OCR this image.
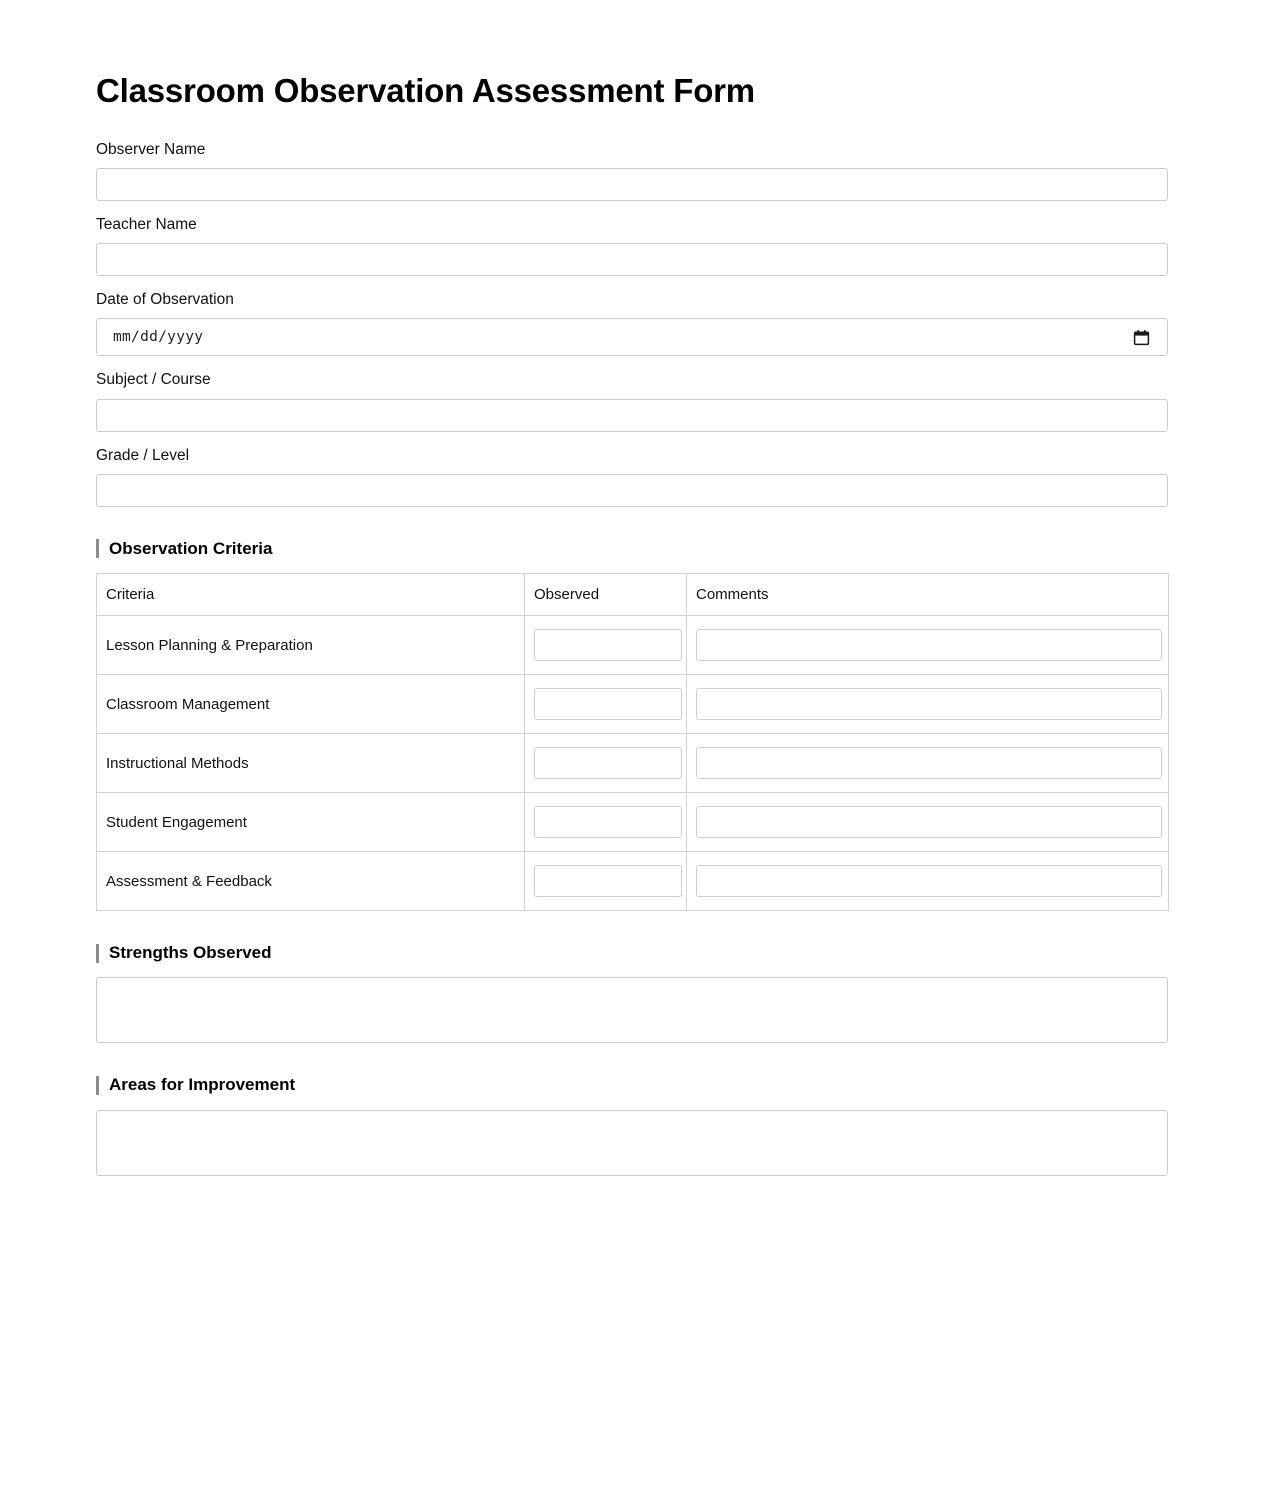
Classroom Observation Assessment Form
Observer Name
Teacher Name
Date of Observation
mm/dd/yyyy
Subject / Course
Grade / Level
Observation Criteria
Criteria	Observed	Comments
Lesson Planning & Preparation	

Classroom Management	

Instructional Methods	

Student Engagement	

Assessment & Feedback	

Strengths Observed
Areas for Improvement
